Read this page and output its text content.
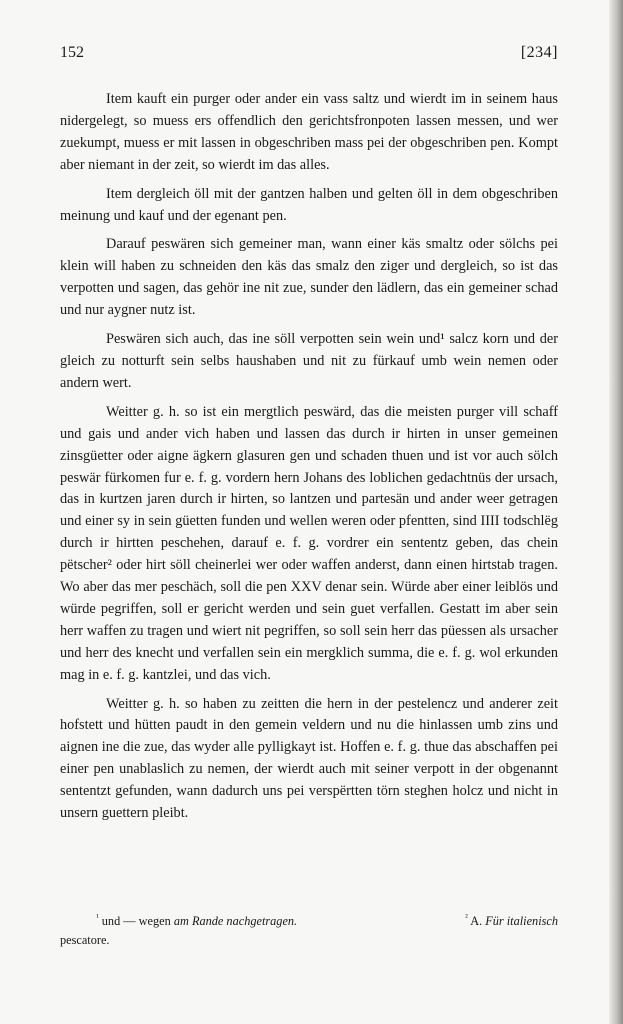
152	[234]

Item kauft ein purger oder ander ein vass saltz und wierdt im in seinem haus nidergelegt, so muess ers offendlich den gerichtsfronpoten lassen messen, und wer zuekumpt, muess er mit lassen in obgeschriben mass pei der obgeschriben pen. Kompt aber niemant in der zeit, so wierdt im das alles.

Item dergleich öll mit der gantzen halben und gelten öll in dem obgeschriben meinung und kauf und der egenant pen.

Darauf peswären sich gemeiner man, wann einer käs smaltz oder sölchs pei klein will haben zu schneiden den käs das smalz den ziger und dergleich, so ist das verpotten und sagen, das gehör ine nit zue, sunder den lädlern, das ein gemeiner schad und nur aygner nutz ist.

Peswären sich auch, das ine söll verpotten sein wein und¹ salcz korn und der gleich zu notturft sein selbs haushaben und nit zu fürkauf umb wein nemen oder andern wert.

Weitter g. h. so ist ein mergtlich peswärd, das die meisten purger vill schaff und gais und ander vich haben und lassen das durch ir hirten in unser gemeinen zinsgüetter oder aigne ägkern glasuren gen und schaden thuen und ist vor auch sölch peswär fürkomen fur e. f. g. vordern hern Johans des loblichen gedachtnüs der ursach, das in kurtzen jaren durch ir hirten, so lantzen und partesän und ander weer getragen und einer sy in sein güetten funden und wellen weren oder pfentten, sind IIII todschlëg durch ir hirtten peschehen, darauf e. f. g. vordrer ein sententz geben, das chein pëtscher² oder hirt söll cheinerlei wer oder waffen anderst, dann einen hirtstab tragen. Wo aber das mer peschäch, soll die pen XXV denar sein. Würde aber einer leiblös und würde pegriffen, soll er gericht werden und sein guet verfallen. Gestatt im aber sein herr waffen zu tragen und wiert nit pegriffen, so soll sein herr das püessen als ursacher und herr des knecht und verfallen sein ein mergklich summa, die e. f. g. wol erkunden mag in e. f. g. kantzlei, und das vich.

Weitter g. h. so haben zu zeitten die hern in der pestelencz und anderer zeit hofstett und hütten paudt in den gemein veldern und nu die hinlassen umb zins und aignen ine die zue, das wyder alle pylligkayt ist. Hoffen e. f. g. thue das abschaffen pei einer pen unablaslich zu nemen, der wierdt auch mit seiner verpott in der obgenannt sententzt gefunden, wann dadurch uns pei verspërtten törn steghen holcz und nicht in unsern guettern pleibt.

$^{^1}$ und — wegen am Rande nachgetragen.	$^{^2}$ A. Für italienisch
pescatore.
